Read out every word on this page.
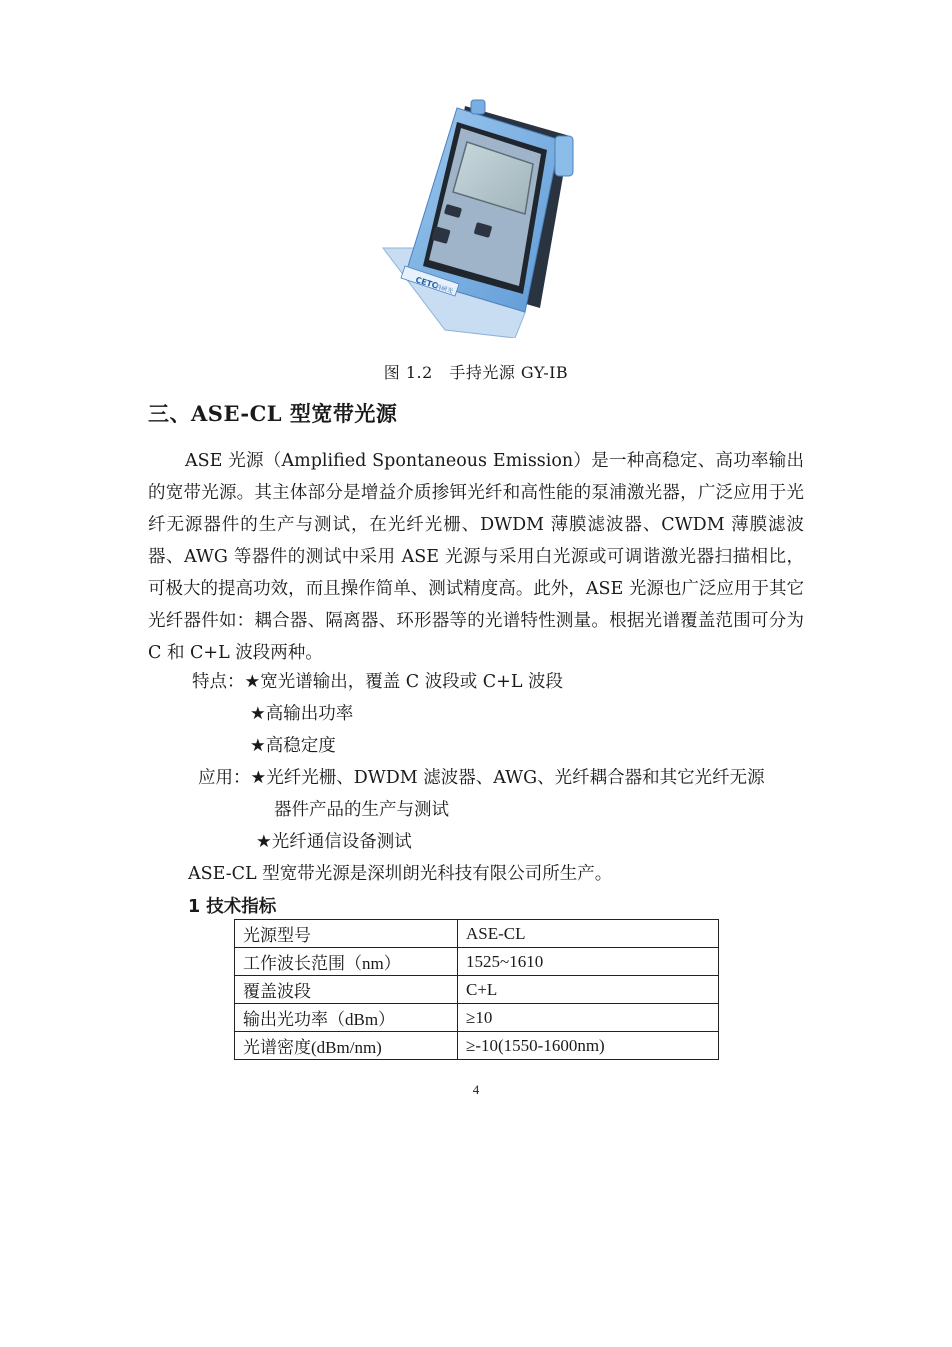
CETC
科研光
图 1.2　手持光源 GY-IB
三、ASE-CL 型宽带光源
ASE 光源（Amplified Spontaneous Emission）是一种高稳定、高功率输出的宽带光源。其主体部分是增益介质掺铒光纤和高性能的泵浦激光器，广泛应用于光纤无源器件的生产与测试，在光纤光栅、DWDM 薄膜滤波器、CWDM 薄膜滤波器、AWG 等器件的测试中采用 ASE 光源与采用白光源或可调谐激光器扫描相比，可极大的提高功效，而且操作简单、测试精度高。此外，ASE 光源也广泛应用于其它光纤器件如：耦合器、隔离器、环形器等的光谱特性测量。根据光谱覆盖范围可分为 C 和 C+L 波段两种。
特点：★宽光谱输出，覆盖 C 波段或 C+L 波段
★高输出功率
★高稳定度
应用：★光纤光栅、DWDM 滤波器、AWG、光纤耦合器和其它光纤无源
器件产品的生产与测试
★光纤通信设备测试
ASE-CL 型宽带光源是深圳朗光科技有限公司所生产。
1 技术指标
光源型号	ASE-CL
工作波长范围（nm）	1525~1610
覆盖波段	C+L
输出光功率（dBm）	≥10
光谱密度(dBm/nm)	≥-10(1550-1600nm)
4
